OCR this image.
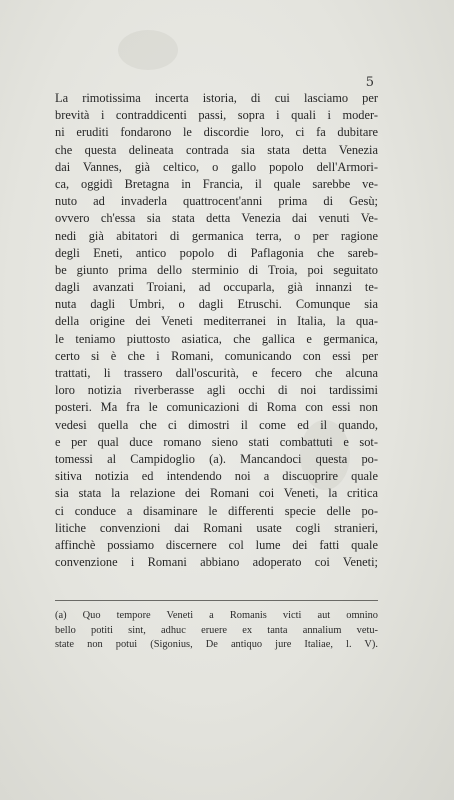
5
La rimotissima incerta istoria, di cui lasciamo per
brevità i contraddicenti passi, sopra i quali i moder-
ni eruditi fondarono le discordie loro, ci fa dubitare
che questa delineata contrada sia stata detta Venezia
dai Vannes, già celtico, o gallo popolo dell'Armori-
ca, oggidì Bretagna in Francia, il quale sarebbe ve-
nuto ad invaderla quattrocent'anni prima di Gesù;
ovvero ch'essa sia stata detta Venezia dai venuti Ve-
nedi già abitatori di germanica terra, o per ragione
degli Eneti, antico popolo di Paflagonia che sareb-
be giunto prima dello sterminio di Troia, poi seguitato
dagli avanzati Troiani, ad occuparla, già innanzi te-
nuta dagli Umbri, o dagli Etruschi. Comunque sia
della origine dei Veneti mediterranei in Italia, la qua-
le teniamo piuttosto asiatica, che gallica e germanica,
certo si è che i Romani, comunicando con essi per
trattati, li trassero dall'oscurità, e fecero che alcuna
loro notizia riverberasse agli occhi di noi tardissimi
posteri. Ma fra le comunicazioni di Roma con essi non
vedesi quella che ci dimostri il come ed il quando,
e per qual duce romano sieno stati combattuti e sot-
tomessi al Campidoglio (a). Mancandoci questa po-
sitiva notizia ed intendendo noi a discuoprire quale
sia stata la relazione dei Romani coi Veneti, la critica
ci conduce a disaminare le differenti specie delle po-
litiche convenzioni dai Romani usate cogli stranieri,
affinchè possiamo discernere col lume dei fatti quale
convenzione i Romani abbiano adoperato coi Veneti;
(a) Quo tempore Veneti a Romanis victi aut omnino
bello potiti sint, adhuc eruere ex tanta annalium vetu-
state non potui (Sigonius, De antiquo jure Italiae, l. V).
